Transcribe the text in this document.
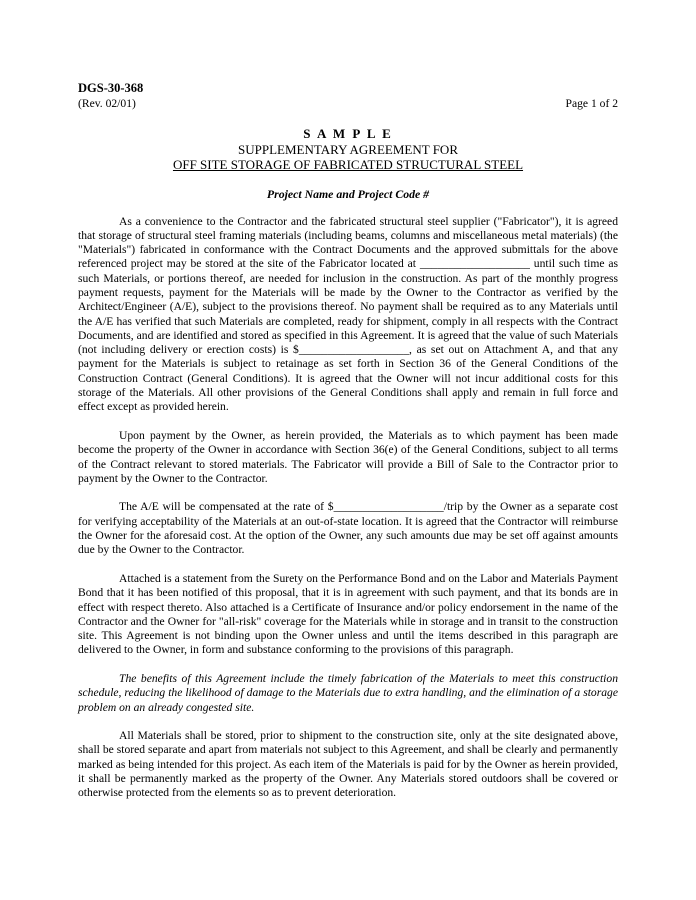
DGS-30-368
(Rev. 02/01)	Page 1 of 2
S A M P L E
SUPPLEMENTARY AGREEMENT FOR
OFF SITE STORAGE OF FABRICATED STRUCTURAL STEEL
Project Name and Project Code #

As a convenience to the Contractor and the fabricated structural steel supplier ("Fabricator"), it is agreed that storage of structural steel framing materials (including beams, columns and miscellaneous metal materials) (the "Materials") fabricated in conformance with the Contract Documents and the approved submittals for the above referenced project may be stored at the site of the Fabricator located at ___________________ until such time as such Materials, or portions thereof, are needed for inclusion in the construction. As part of the monthly progress payment requests, payment for the Materials will be made by the Owner to the Contractor as verified by the Architect/Engineer (A/E), subject to the provisions thereof. No payment shall be required as to any Materials until the A/E has verified that such Materials are completed, ready for shipment, comply in all respects with the Contract Documents, and are identified and stored as specified in this Agreement. It is agreed that the value of such Materials (not including delivery or erection costs) is $___________________, as set out on Attachment A, and that any payment for the Materials is subject to retainage as set forth in Section 36 of the General Conditions of the Construction Contract (General Conditions). It is agreed that the Owner will not incur additional costs for this storage of the Materials. All other provisions of the General Conditions shall apply and remain in full force and effect except as provided herein.

Upon payment by the Owner, as herein provided, the Materials as to which payment has been made become the property of the Owner in accordance with Section 36(e) of the General Conditions, subject to all terms of the Contract relevant to stored materials. The Fabricator will provide a Bill of Sale to the Contractor prior to payment by the Owner to the Contractor.

The A/E will be compensated at the rate of $___________________/trip by the Owner as a separate cost for verifying acceptability of the Materials at an out-of-state location. It is agreed that the Contractor will reimburse the Owner for the aforesaid cost. At the option of the Owner, any such amounts due may be set off against amounts due by the Owner to the Contractor.

Attached is a statement from the Surety on the Performance Bond and on the Labor and Materials Payment Bond that it has been notified of this proposal, that it is in agreement with such payment, and that its bonds are in effect with respect thereto. Also attached is a Certificate of Insurance and/or policy endorsement in the name of the Contractor and the Owner for "all-risk" coverage for the Materials while in storage and in transit to the construction site. This Agreement is not binding upon the Owner unless and until the items described in this paragraph are delivered to the Owner, in form and substance conforming to the provisions of this paragraph.

The benefits of this Agreement include the timely fabrication of the Materials to meet this construction schedule, reducing the likelihood of damage to the Materials due to extra handling, and the elimination of a storage problem on an already congested site.

All Materials shall be stored, prior to shipment to the construction site, only at the site designated above, shall be stored separate and apart from materials not subject to this Agreement, and shall be clearly and permanently marked as being intended for this project. As each item of the Materials is paid for by the Owner as herein provided, it shall be permanently marked as the property of the Owner. Any Materials stored outdoors shall be covered or otherwise protected from the elements so as to prevent deterioration.
